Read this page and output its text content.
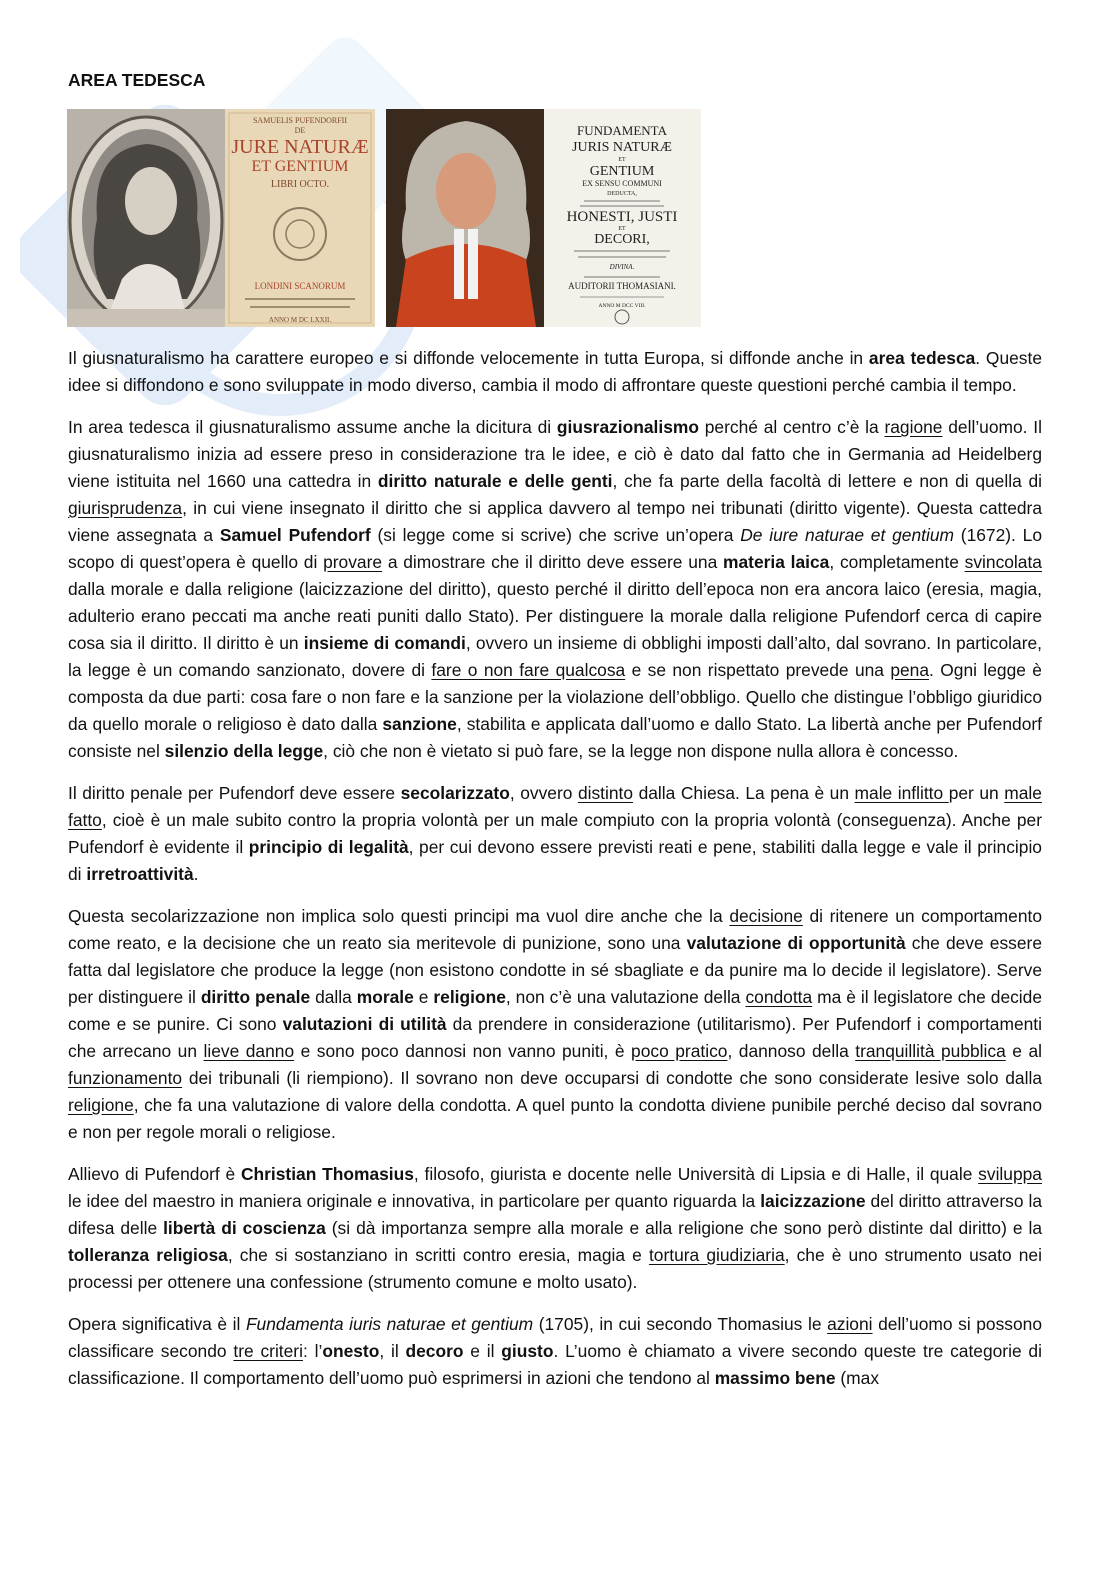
AREA TEDESCA
SAMUELIS PUFENDORFII
DE
JURE NATURÆ
ET GENTIUM
LIBRI OCTO.
LONDINI SCANORUM
ANNO M DC LXXII.
FUNDAMENTA
JURIS NATURÆ
ET
GENTIUM
EX SENSU COMMUNI
DEDUCTA,
HONESTI, JUSTI
ET
DECORI,
DIVINA.
AUDITORII THOMASIANI.
ANNO M DCC VIII.

Il giusnaturalismo ha carattere europeo e si diffonde velocemente in tutta Europa, si diffonde anche in area tedesca. Queste idee si diffondono e sono sviluppate in modo diverso, cambia il modo di affrontare queste questioni perché cambia il tempo.

In area tedesca il giusnaturalismo assume anche la dicitura di giusrazionalismo perché al centro c’è la ragione dell’uomo. Il giusnaturalismo inizia ad essere preso in considerazione tra le idee, e ciò è dato dal fatto che in Germania ad Heidelberg viene istituita nel 1660 una cattedra in diritto naturale e delle genti, che fa parte della facoltà di lettere e non di quella di giurisprudenza, in cui viene insegnato il diritto che si applica davvero al tempo nei tribunati (diritto vigente). Questa cattedra viene assegnata a Samuel Pufendorf (si legge come si scrive) che scrive un’opera De iure naturae et gentium (1672). Lo scopo di quest’opera è quello di provare a dimostrare che il diritto deve essere una materia laica, completamente svincolata dalla morale e dalla religione (laicizzazione del diritto), questo perché il diritto dell’epoca non era ancora laico (eresia, magia, adulterio erano peccati ma anche reati puniti dallo Stato). Per distinguere la morale dalla religione Pufendorf cerca di capire cosa sia il diritto. Il diritto è un insieme di comandi, ovvero un insieme di obblighi imposti dall’alto, dal sovrano. In particolare, la legge è un comando sanzionato, dovere di fare o non fare qualcosa e se non rispettato prevede una pena. Ogni legge è composta da due parti: cosa fare o non fare e la sanzione per la violazione dell’obbligo. Quello che distingue l’obbligo giuridico da quello morale o religioso è dato dalla sanzione, stabilita e applicata dall’uomo e dallo Stato. La libertà anche per Pufendorf consiste nel silenzio della legge, ciò che non è vietato si può fare, se la legge non dispone nulla allora è concesso.

Il diritto penale per Pufendorf deve essere secolarizzato, ovvero distinto dalla Chiesa. La pena è un male inflitto per un male fatto, cioè è un male subito contro la propria volontà per un male compiuto con la propria volontà (conseguenza). Anche per Pufendorf è evidente il principio di legalità, per cui devono essere previsti reati e pene, stabiliti dalla legge e vale il principio di irretroattività.

Questa secolarizzazione non implica solo questi principi ma vuol dire anche che la decisione di ritenere un comportamento come reato, e la decisione che un reato sia meritevole di punizione, sono una valutazione di opportunità che deve essere fatta dal legislatore che produce la legge (non esistono condotte in sé sbagliate e da punire ma lo decide il legislatore). Serve per distinguere il diritto penale dalla morale e religione, non c’è una valutazione della condotta ma è il legislatore che decide come e se punire. Ci sono valutazioni di utilità da prendere in considerazione (utilitarismo). Per Pufendorf i comportamenti che arrecano un lieve danno e sono poco dannosi non vanno puniti, è poco pratico, dannoso della tranquillità pubblica e al funzionamento dei tribunali (li riempiono). Il sovrano non deve occuparsi di condotte che sono considerate lesive solo dalla religione, che fa una valutazione di valore della condotta. A quel punto la condotta diviene punibile perché deciso dal sovrano e non per regole morali o religiose.

Allievo di Pufendorf è Christian Thomasius, filosofo, giurista e docente nelle Università di Lipsia e di Halle, il quale sviluppa le idee del maestro in maniera originale e innovativa, in particolare per quanto riguarda la laicizzazione del diritto attraverso la difesa delle libertà di coscienza (si dà importanza sempre alla morale e alla religione che sono però distinte dal diritto) e la tolleranza religiosa, che si sostanziano in scritti contro eresia, magia e tortura giudiziaria, che è uno strumento usato nei processi per ottenere una confessione (strumento comune e molto usato).

Opera significativa è il Fundamenta iuris naturae et gentium (1705), in cui secondo Thomasius le azioni dell’uomo si possono classificare secondo tre criteri: l’onesto, il decoro e il giusto. L’uomo è chiamato a vivere secondo queste tre categorie di classificazione. Il comportamento dell’uomo può esprimersi in azioni che tendono al massimo bene (max
